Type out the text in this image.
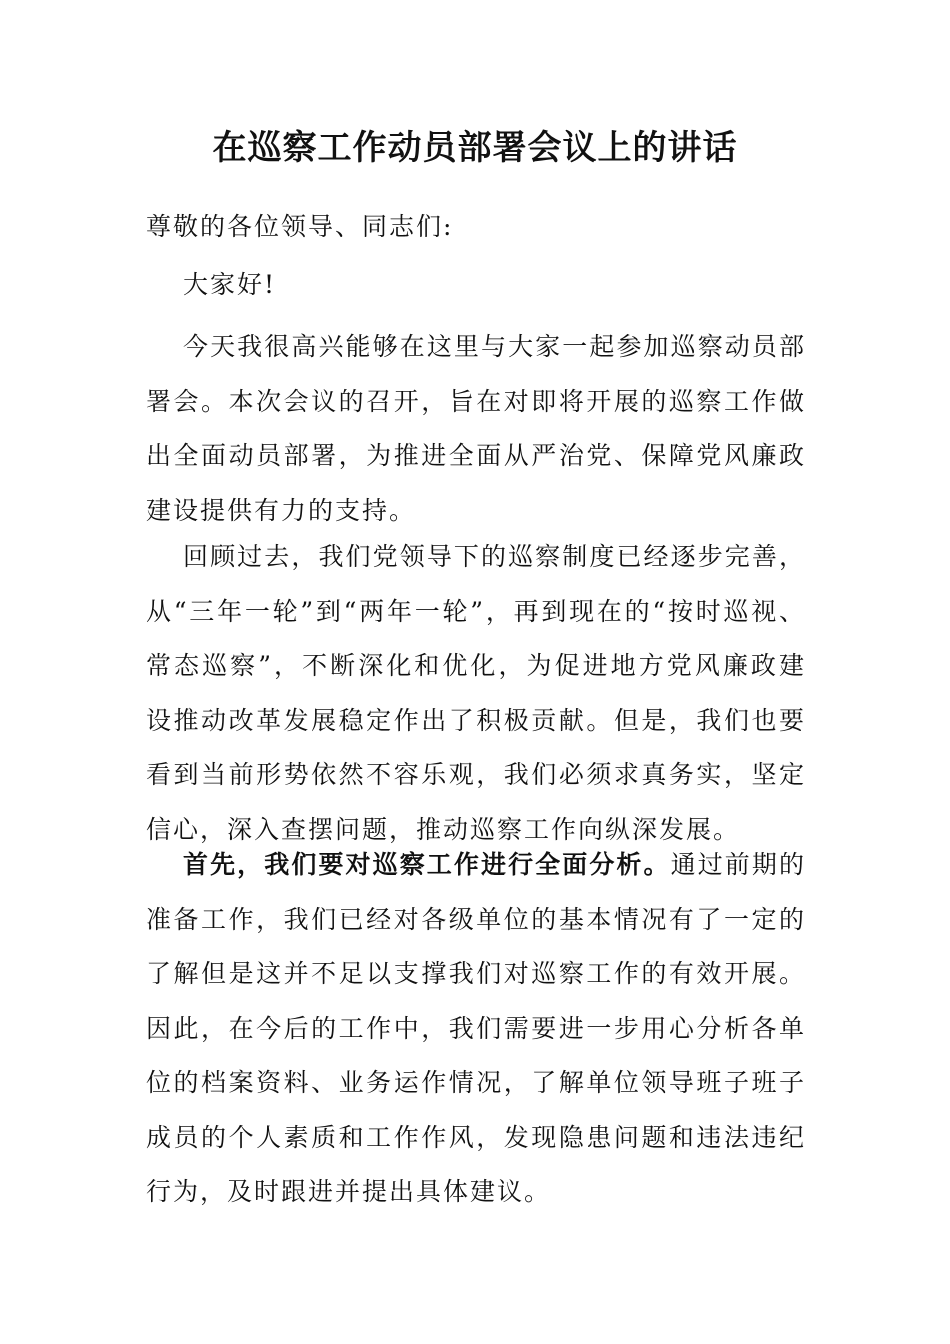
在巡察工作动员部署会议上的讲话

尊敬的各位领导、同志们:

大家好!

今天我很高兴能够在这里与大家一起参加巡察动员部署会。本次会议的召开，旨在对即将开展的巡察工作做出全面动员部署，为推进全面从严治党、保障党风廉政建设提供有力的支持。

回顾过去，我们党领导下的巡察制度已经逐步完善，从“三年一轮”到“两年一轮”，再到现在的“按时巡视、常态巡察”，不断深化和优化，为促进地方党风廉政建设推动改革发展稳定作出了积极贡献。但是，我们也要看到当前形势依然不容乐观，我们必须求真务实，坚定信心，深入查摆问题，推动巡察工作向纵深发展。

首先，我们要对巡察工作进行全面分析。通过前期的准备工作，我们已经对各级单位的基本情况有了一定的了解但是这并不足以支撑我们对巡察工作的有效开展。因此，在今后的工作中，我们需要进一步用心分析各单位的档案资料、业务运作情况，了解单位领导班子班子成员的个人素质和工作作风，发现隐患问题和违法违纪行为，及时跟进并提出具体建议。
